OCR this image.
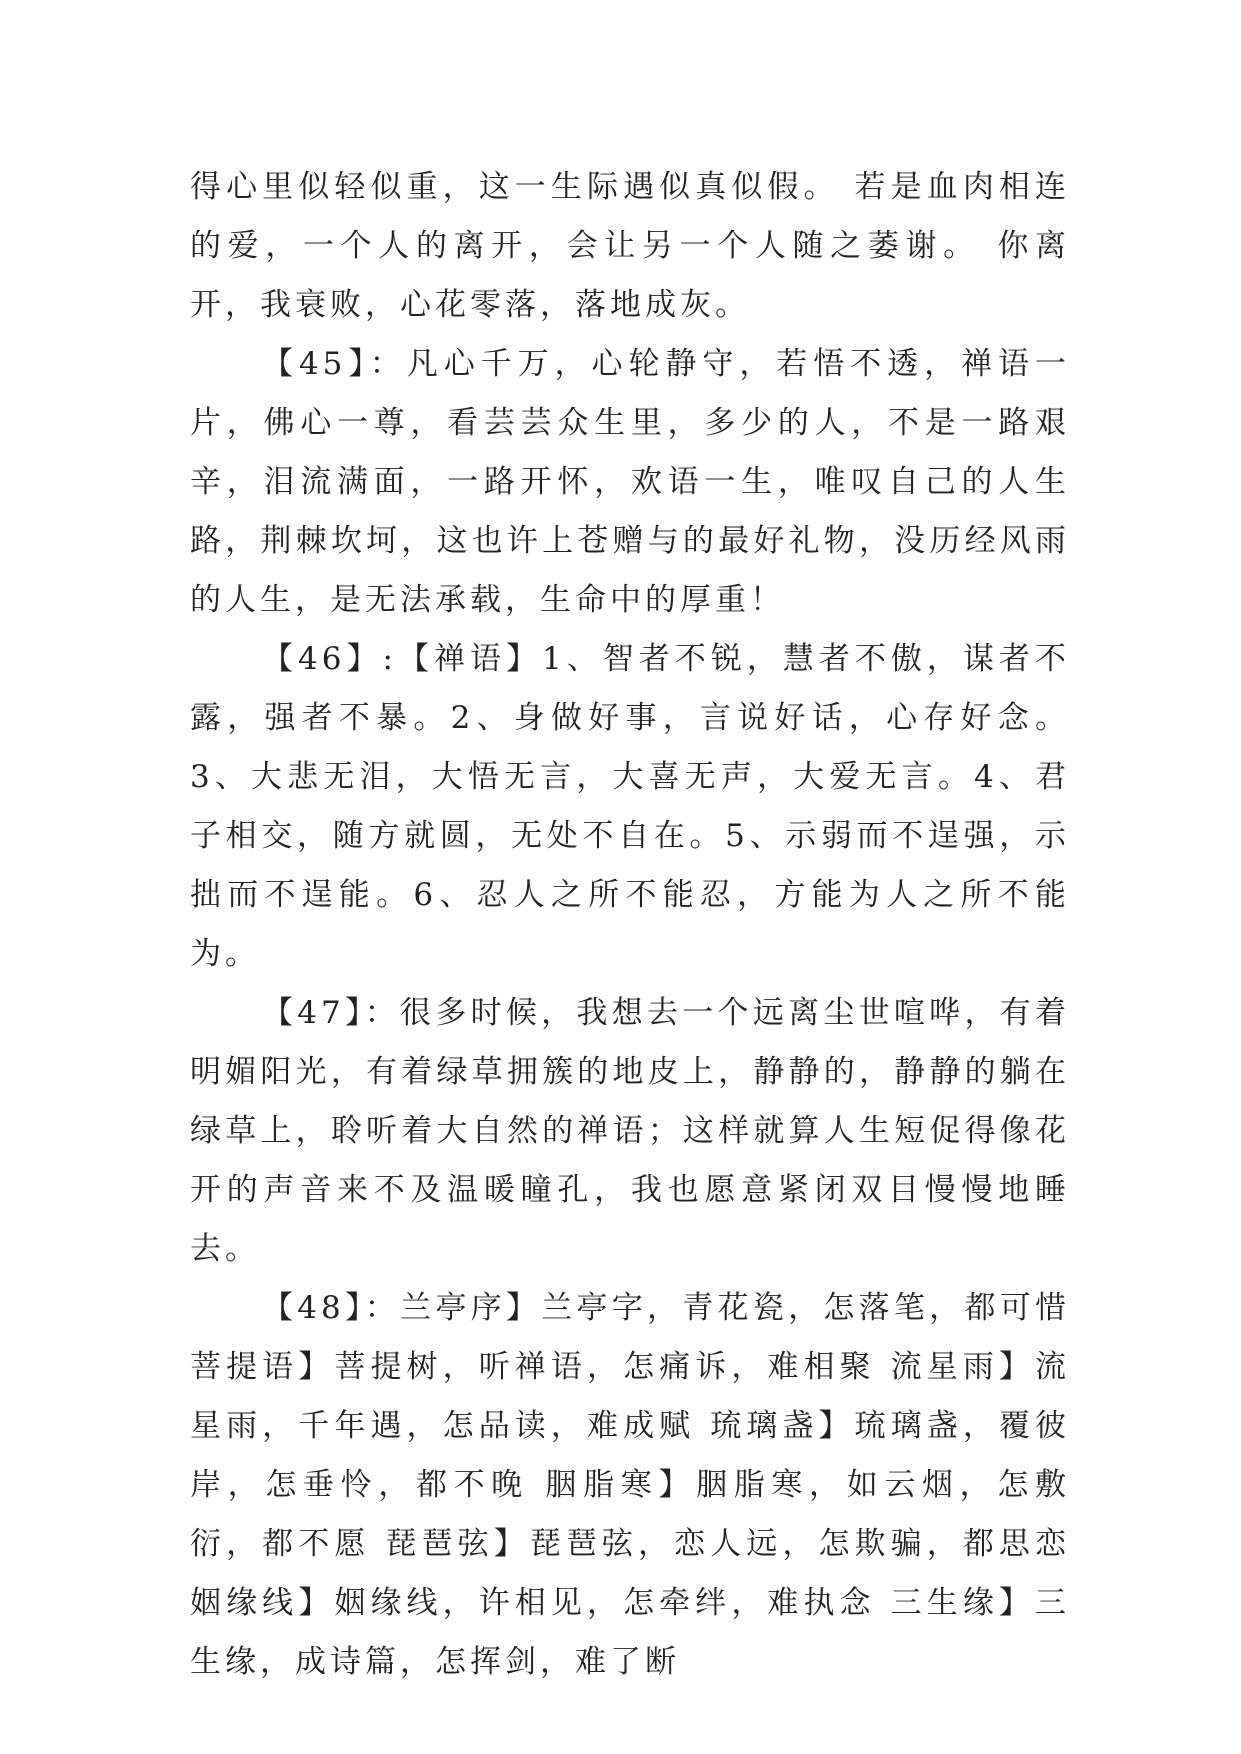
得心里似轻似重，这一生际遇似真似假。 若是血肉相连的爱，一个人的离开，会让另一个人随之萎谢。 你离开，我衰败，心花零落，落地成灰。

【45】：凡心千万，心轮静守，若悟不透，禅语一片，佛心一尊，看芸芸众生里，多少的人，不是一路艰辛，泪流满面，一路开怀，欢语一生，唯叹自己的人生路，荆棘坎坷，这也许上苍赠与的最好礼物，没历经风雨的人生，是无法承载，生命中的厚重！

【46】:【禅语】1、智者不锐，慧者不傲，谋者不露，强者不暴。2、身做好事，言说好话，心存好念。3、大悲无泪，大悟无言，大喜无声，大爱无言。4、君子相交，随方就圆，无处不自在。5、示弱而不逞强，示拙而不逞能。6、忍人之所不能忍，方能为人之所不能为。

【47】：很多时候，我想去一个远离尘世喧哗，有着明媚阳光，有着绿草拥簇的地皮上，静静的，静静的躺在绿草上，聆听着大自然的禅语；这样就算人生短促得像花开的声音来不及温暖瞳孔，我也愿意紧闭双目慢慢地睡去。

【48】：兰亭序】兰亭字，青花瓷，怎落笔，都可惜 菩提语】菩提树，听禅语，怎痛诉，难相聚 流星雨】流星雨，千年遇，怎品读，难成赋 琉璃盏】琉璃盏，覆彼岸，怎垂怜，都不晚 胭脂寒】胭脂寒，如云烟，怎敷衍，都不愿 琵琶弦】琵琶弦，恋人远，怎欺骗，都思恋 姻缘线】姻缘线，许相见，怎牵绊，难执念 三生缘】三生缘，成诗篇，怎挥剑，难了断
